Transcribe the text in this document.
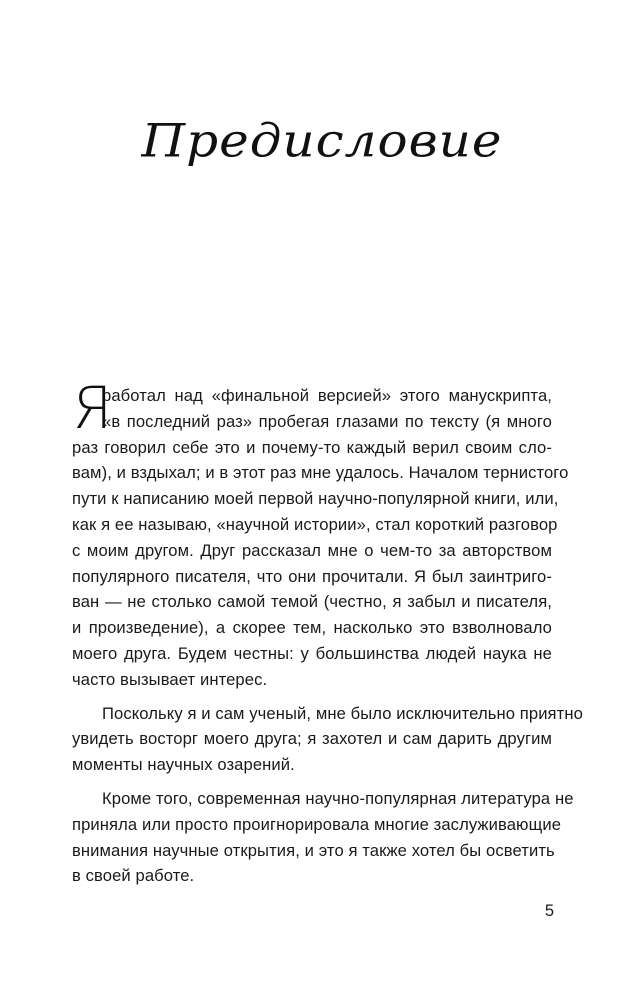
Предисловие
Я
работал над «финальной версией» этого манускрипта,
«в последний раз» пробегая глазами по тексту (я много
раз говорил себе это и почему-то каждый верил своим сло-
вам), и вздыхал; и в этот раз мне удалось. Началом тернистого
пути к написанию моей первой научно-популярной книги, или,
как я ее называю, «научной истории», стал короткий разговор
с моим другом. Друг рассказал мне о чем-то за авторством
популярного писателя, что они прочитали. Я был заинтриго-
ван — не столько самой темой (честно, я забыл и писателя,
и произведение), а скорее тем, насколько это взволновало
моего друга. Будем честны: у большинства людей наука не
часто вызывает интерес.
Поскольку я и сам ученый, мне было исключительно приятно
увидеть восторг моего друга; я захотел и сам дарить другим
моменты научных озарений.
Кроме того, современная научно-популярная литература не
приняла или просто проигнорировала многие заслуживающие
внимания научные открытия, и это я также хотел бы осветить
в своей работе.
5
